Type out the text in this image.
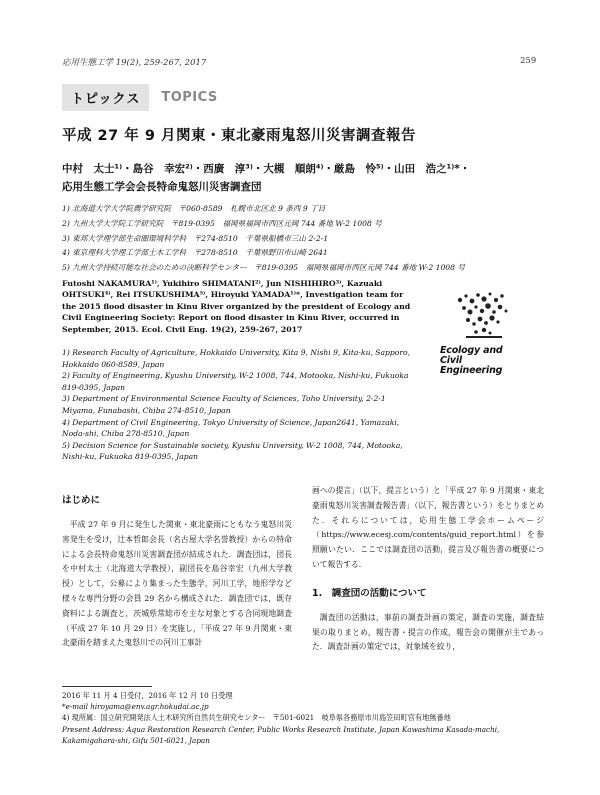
応用生態工学 19(2), 259-267, 2017	259
トピックス	TOPICS
平成 27 年 9 月関東・東北豪雨鬼怒川災害調査報告
中村　太士¹⁾・島谷　幸宏²⁾・西廣　淳³⁾・大槻　順朗⁴⁾・厳島　怜⁵⁾・山田　浩之¹⁾*・
応用生態工学会会長特命鬼怒川災害調査団
1) 北海道大学大学院農学研究院　〒060-8589　札幌市北区北 9 条西 9 丁目
2) 九州大学大学院工学研究院　〒819-0395　福岡県福岡市西区元岡 744 番地 W-2 1008 号
3) 東邦大学理学部生命圏環境科学科　〒274-8510　千葉県船橋市三山 2-2-1
4) 東京理科大学理工学部土木工学科　〒278-8510　千葉県野田市山崎 2641
5) 九州大学持続可能な社会のための決断科学センター　〒819-0395　福岡県福岡市西区元岡 744 番地 W-2 1008 号
Futoshi NAKAMURA¹⁾, Yukihiro SHIMATANI²⁾, Jun NISHIHIRO³⁾, Kazuaki OHTSUKI⁴⁾, Rei ITSUKUSHIMA⁵⁾, Hiroyuki YAMADA¹⁾*, Investigation team for the 2015 flood disaster in Kinu River organized by the president of Ecology and Civil Engineering Society: Report on flood disaster in Kinu River, occurred in September, 2015. Ecol. Civil Eng. 19(2), 259-267, 2017
1) Research Faculty of Agriculture, Hokkaido University, Kita 9, Nishi 9, Kita-ku, Sapporo, Hokkaido 060-8589, Japan
2) Faculty of Engineering, Kyushu University, W-2 1008, 744, Motooka, Nishi-ku, Fukuoka 819-0395, Japan
3) Department of Environmental Science Faculty of Sciences, Toho University, 2-2-1 Miyama, Funabashi, Chiba 274-8510, Japan
4) Department of Civil Engineering, Tokyo University of Science, Japan2641, Yamazaki, Noda-shi, Chiba 278-8510, Japan
5) Decision Science for Sustainable society, Kyushu University, W-2 1008, 744, Motooka, Nishi-ku, Fukuoka 819-0395, Japan
Ecology and
Civil Engineering
はじめに

平成 27 年 9 月に発生した関東・東北豪雨にともなう鬼怒川災害発生を受け，辻本哲郎会長（名古屋大学名誉教授）からの特命による会長特命鬼怒川災害調査団が結成された．調査団は，団長を中村太士（北海道大学教授），副団長を島谷幸宏（九州大学教授）として，公募により集まった生態学，河川工学，地形学など様々な専門分野の会員 29 名から構成された．調査団では，既存資料による調査と，茨城県常総市を主な対象とする合同現地調査（平成 27 年 10 月 29 日）を実施し，「平成 27 年 9 月関東・東北豪雨を踏まえた鬼怒川での河川工事計

画への提言」（以下，提言という）と「平成 27 年 9 月関東・東北豪雨鬼怒川災害調査報告書」（以下，報告書という）をとりまとめた．それらについては，応用生態工学会ホームページ（https://www.ecesj.com/contents/guid_report.html）を参照願いたい．ここでは調査団の活動，提言及び報告書の概要について報告する．

1.　調査団の活動について

調査団の活動は，事前の調査計画の策定，調査の実施，調査結果の取りまとめ，報告書・提言の作成，報告会の開催が主であった．調査計画の策定では，対象域を絞り，

2016 年 11 月 4 日受付，2016 年 12 月 10 日受理
*e-mail hiroyama@env.agr.hokudai.ac.jp
4) 現所属：国立研究開発法人土木研究所自然共生研究センター　〒501-6021　岐阜県各務原市川島笠田町官有地無番地
Present Address: Aqua Restoration Research Center, Public Works Research Institute, Japan Kawashima Kasada-machi, Kakamigahara-shi, Gifu 501-6021, Japan
